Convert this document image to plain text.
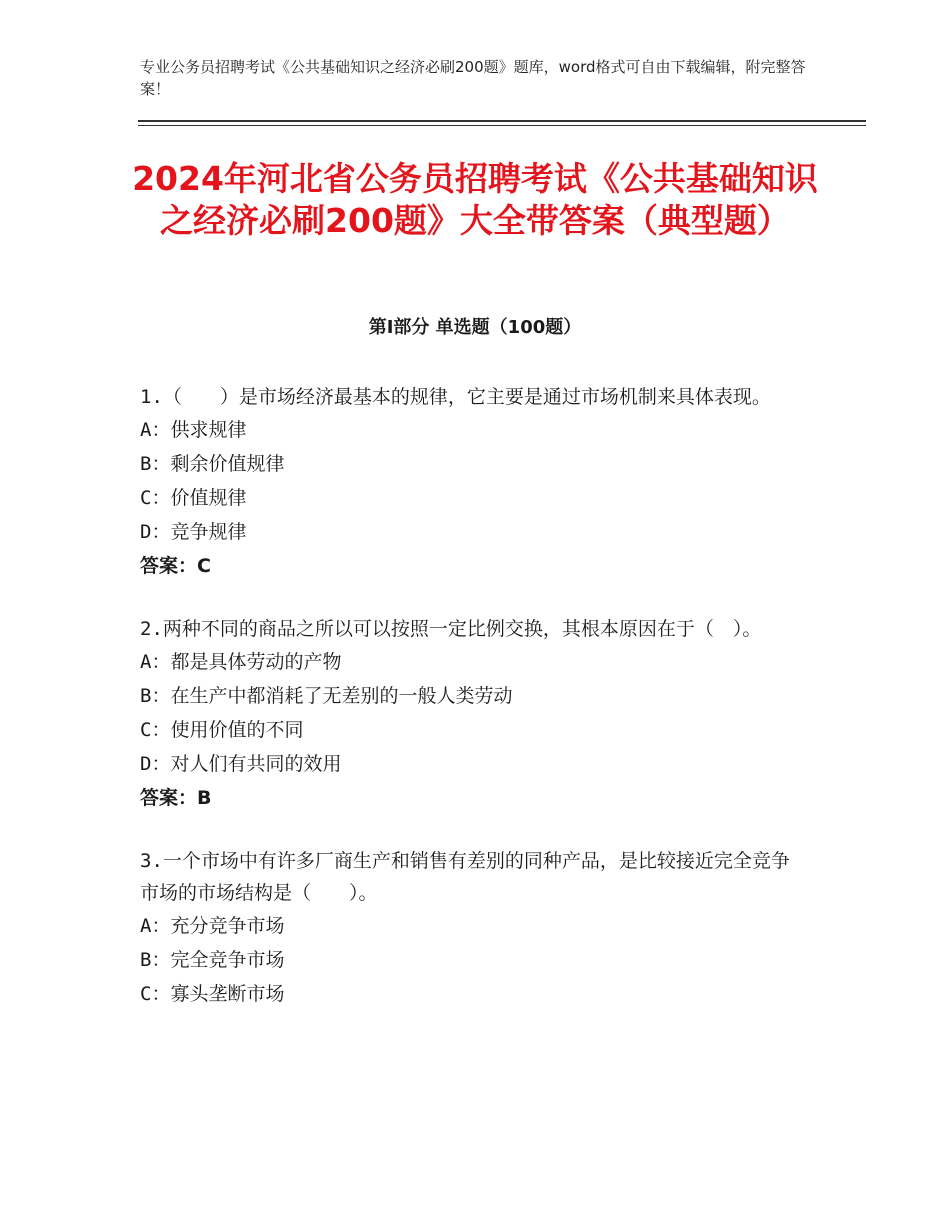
专业公务员招聘考试《公共基础知识之经济必刷200题》题库，word格式可自由下载编辑，附完整答案！
2024年河北省公务员招聘考试《公共基础知识之经济必刷200题》大全带答案（典型题）
第Ⅰ部分 单选题（100题）

1.（　　）是市场经济最基本的规律，它主要是通过市场机制来具体表现。

A：供求规律

B：剩余价值规律

C：价值规律

D：竞争规律

答案：C

2.两种不同的商品之所以可以按照一定比例交换，其根本原因在于（　）。

A：都是具体劳动的产物

B：在生产中都消耗了无差别的一般人类劳动

C：使用价值的不同

D：对人们有共同的效用

答案：B

3.一个市场中有许多厂商生产和销售有差别的同种产品，是比较接近完全竞争市场的市场结构是（　　）。

A：充分竞争市场

B：完全竞争市场

C：寡头垄断市场
